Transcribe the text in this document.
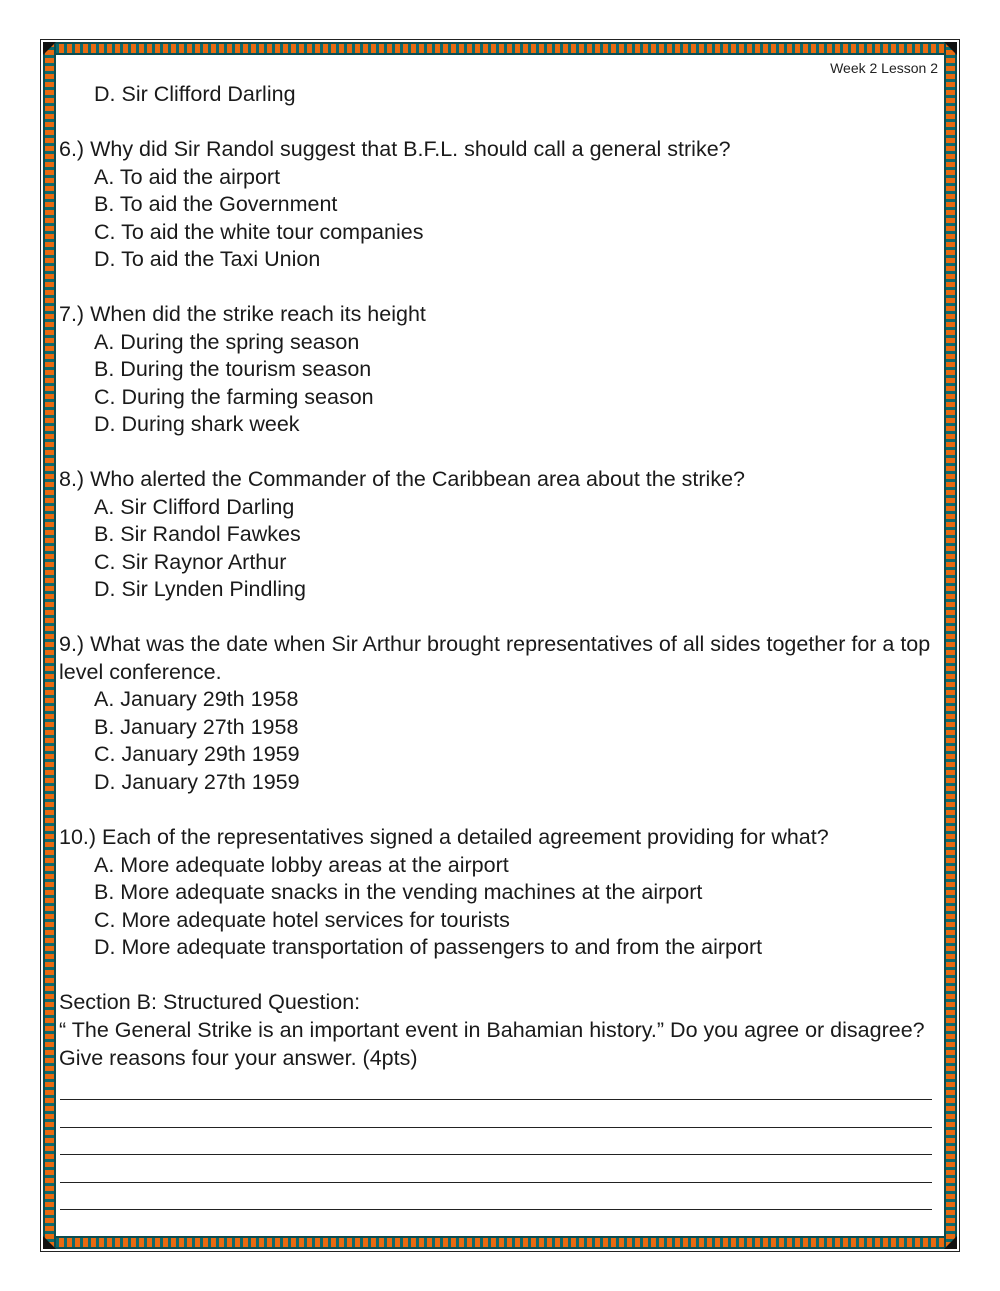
Week 2 Lesson 2
D. Sir Clifford Darling
6.) Why did Sir Randol suggest that B.F.L. should call a general strike?
A. To aid the airport
B. To aid the Government
C. To aid the white tour companies
D. To aid the Taxi Union
7.) When did the strike reach its height
A. During the spring season
B. During the tourism season
C. During the farming season
D. During shark week
8.) Who alerted the Commander of the Caribbean area about the strike?
A. Sir Clifford Darling
B. Sir Randol Fawkes
C. Sir Raynor Arthur
D. Sir Lynden Pindling
9.) What was the date when Sir Arthur brought representatives of all sides together for a top level conference.
A. January 29th 1958
B. January 27th 1958
C. January 29th 1959
D. January 27th 1959
10.) Each of the representatives signed a detailed agreement providing for what?
A. More adequate lobby areas at the airport
B. More adequate snacks in the vending machines at the airport
C. More adequate hotel services for tourists
D. More adequate transportation of passengers to and from the airport
Section B: Structured Question:
“ The General Strike is an important event in Bahamian history.” Do you agree or disagree? Give reasons four your answer. (4pts)
